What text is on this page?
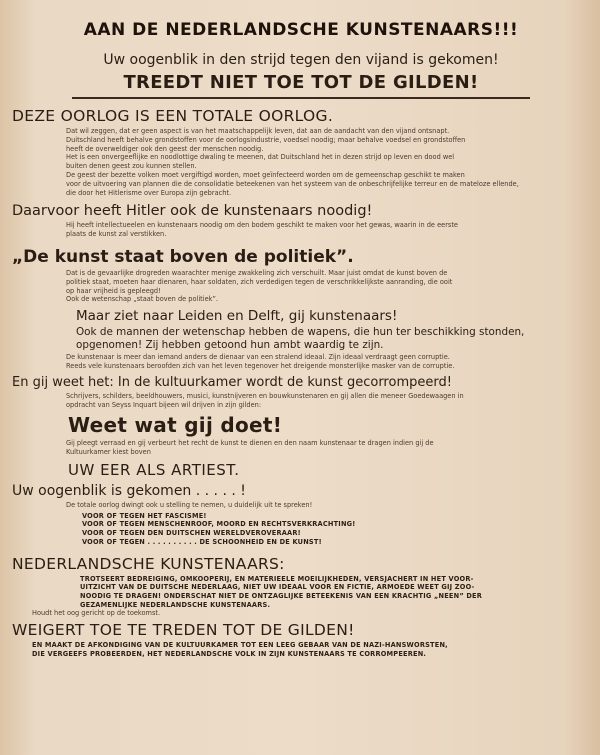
AAN DE NEDERLANDSCHE KUNSTENAARS!!!
Uw oogenblik in den strijd tegen den vijand is gekomen!
TREEDT NIET TOE TOT DE GILDEN!
DEZE OORLOG IS EEN TOTALE OORLOG.
Dat wil zeggen, dat er geen aspect is van het maatschappelijk leven, dat aan de aandacht van den vijand ontsnapt.
Duitschland heeft behalve grondstoffen voor de oorlogsindustrie, voedsel noodig; maar behalve voedsel en grondstoffen
heeft de overweldiger ook den geest der menschen noodig.
Het is een onvergeeflijke en noodlottige dwaling te meenen, dat Duitschland het in dezen strijd op leven en dood wel
buiten denen geest zou kunnen stellen.
De geest der bezette volken moet vergiftigd worden, moet geïnfecteerd worden om de gemeenschap geschikt te maken
voor de uitvoering van plannen die de consolidatie beteekenen van het systeem van de onbeschrijfelijke terreur en de mateloze ellende,
die door het Hitlerisme over Europa zijn gebracht.
Daarvoor heeft Hitler ook de kunstenaars noodig!
Hij heeft intellectueelen en kunstenaars noodig om den bodem geschikt te maken voor het gewas, waarin in de eerste
plaats de kunst zal verstikken.
„De kunst staat boven de politiek”.
Dat is de gevaarlijke drogreden waarachter menige zwakkeling zich verschuilt. Maar juist omdat de kunst boven de
politiek staat, moeten haar dienaren, haar soldaten, zich verdedigen tegen de verschrikkelijkste aanranding, die ooit
op haar vrijheid is gepleegd!
Ook de wetenschap „staat boven de politiek”.
Maar ziet naar Leiden en Delft, gij kunstenaars!
Ook de mannen der wetenschap hebben de wapens, die hun ter beschikking stonden,
opgenomen! Zij hebben getoond hun ambt waardig te zijn.
De kunstenaar is meer dan iemand anders de dienaar van een stralend ideaal. Zijn ideaal verdraagt geen corruptie.
Reeds vele kunstenaars beroofden zich van het leven tegenover het dreigende monsterlijke masker van de corruptie.
En gij weet het: In de kultuurkamer wordt de kunst gecorrompeerd!
Schrijvers, schilders, beeldhouwers, musici, kunstnijveren en bouwkunstenaren en gij allen die meneer Goedewaagen in
opdracht van Seyss Inquart bijeen wil drijven in zijn gilden:
Weet wat gij doet!
Gij pleegt verraad en gij verbeurt het recht de kunst te dienen en den naam kunstenaar te dragen indien gij de
Kultuurkamer kiest boven
UW EER ALS ARTIEST.
Uw oogenblik is gekomen . . . . . !
De totale oorlog dwingt ook u stelling te nemen, u duidelijk uit te spreken!
VOOR OF TEGEN HET FASCISME!
VOOR OF TEGEN MENSCHENROOF, MOORD EN RECHTSVERKRACHTING!
VOOR OF TEGEN DEN DUITSCHEN WERELDVEROVERAAR!
VOOR OF TEGEN . . . . . . . . . . DE SCHOONHEID EN DE KUNST!
NEDERLANDSCHE KUNSTENAARS:
TROTSEERT BEDREIGING, OMKOOPERIJ, EN MATERIEELE MOEILIJKHEDEN, VERSJACHERT IN HET VOOR-
UITZICHT VAN DE DUITSCHE NEDERLAAG, NIET UW IDEAAL VOOR EN FICTIE, ARMOEDE WEET GIJ ZOO-
NOODIG TE DRAGEN! ONDERSCHAT NIET DE ONTZAGLIJKE BETEEKENIS VAN EEN KRACHTIG „NEEN” DER
GEZAMENLIJKE NEDERLANDSCHE KUNSTENAARS.
Houdt het oog gericht op de toekomst.
WEIGERT TOE TE TREDEN TOT DE GILDEN!
EN MAAKT DE AFKONDIGING VAN DE KULTUURKAMER TOT EEN LEEG GEBAAR VAN DE NAZI-HANSWORSTEN,
DIE VERGEEFS PROBEERDEN, HET NEDERLANDSCHE VOLK IN ZIJN KUNSTENAARS TE CORROMPEEREN.
